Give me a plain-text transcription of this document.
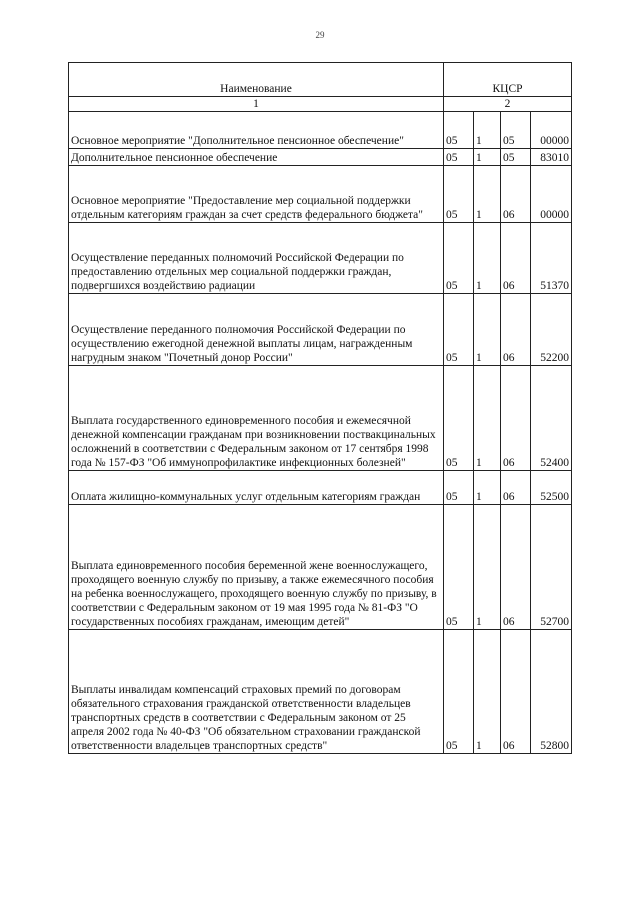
29
Наименование	КЦСР			
1	2			
Основное мероприятие "Дополнительное пенсионное обеспечение"	05	1	05	00000
Дополнительное пенсионное обеспечение	05	1	05	83010
Основное мероприятие "Предоставление мер социальной поддержки отдельным категориям граждан за счет средств федерального бюджета"	05	1	06	00000
Осуществление переданных полномочий Российской Федерации по предоставлению отдельных мер социальной поддержки граждан, подвергшихся воздействию радиации	05	1	06	51370
Осуществление переданного полномочия Российской Федерации по осуществлению ежегодной денежной выплаты лицам, награжденным нагрудным знаком "Почетный донор России"	05	1	06	52200
Выплата государственного единовременного пособия и ежемесячной денежной компенсации гражданам при возникновении поствакцинальных осложнений в соответствии с Федеральным законом от 17 сентября 1998 года № 157-ФЗ "Об иммунопрофилактике инфекционных болезней"	05	1	06	52400
Оплата жилищно-коммунальных услуг отдельным категориям граждан	05	1	06	52500
Выплата единовременного пособия беременной жене военнослужащего, проходящего военную службу по призыву, а также ежемесячного пособия на ребенка военнослужащего, проходящего военную службу по призыву, в соответствии с Федеральным законом от 19 мая 1995 года № 81-ФЗ "О государственных пособиях гражданам, имеющим детей"	05	1	06	52700
Выплаты инвалидам компенсаций страховых премий по договорам обязательного страхования гражданской ответственности владельцев транспортных средств в соответствии с Федеральным законом от 25 апреля 2002 года № 40-ФЗ "Об обязательном страховании гражданской ответственности владельцев транспортных средств"	05	1	06	52800
